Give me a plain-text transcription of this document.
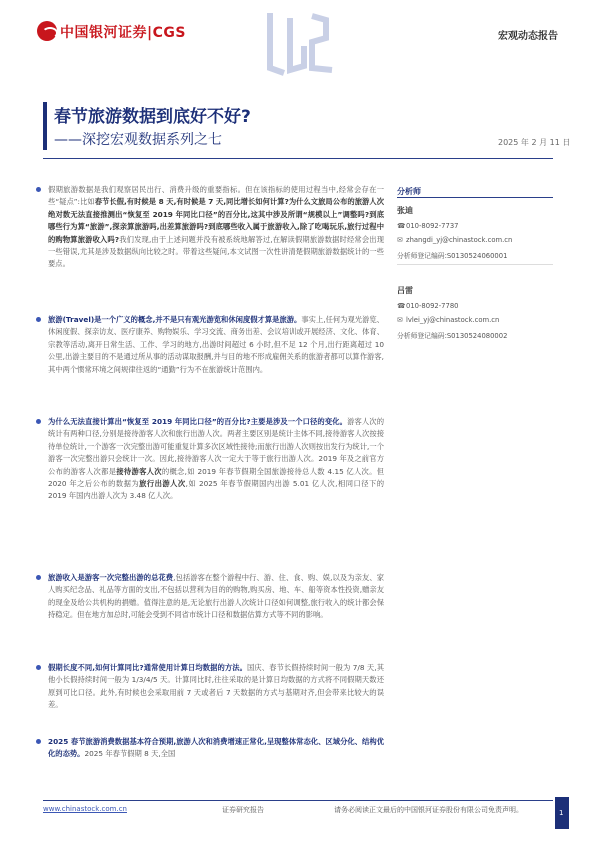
中国银河证券|CGS	宏观动态报告
春节旅游数据到底好不好?
——深挖宏观数据系列之七	2025 年 2 月 11 日
假期旅游数据是我们观察居民出行、消费升级的重要指标。但在该指标的使用过程当中,经常会存在一些“疑点”:比如春节长假,有时候是 8 天,有时候是 7 天,同比增长如何计算?为什么文旅局公布的旅游人次绝对数无法直接推测出“恢复至 2019 年同比口径”的百分比,这其中涉及所谓“规模以上”调整吗?到底哪些行为算“旅游”,探亲算旅游吗,出差算旅游吗?到底哪些收入属于旅游收入,除了吃喝玩乐,旅行过程中的购物算旅游收入吗?我们发现,由于上述问题并没有被系统地解答过,在解读假期旅游数据时经常会出现一些错误,尤其是涉及数据纵向比较之时。带着这些疑问,本文试图一次性讲清楚假期旅游数据统计的一些要点。
旅游(Travel)是一个广义的概念,并不是只有观光游览和休闲度假才算是旅游。事实上,任何为观光游览、休闲度假、探亲访友、医疗康养、购物娱乐、学习交流、商务出差、会议培训或开展经济、文化、体育、宗教等活动,离开日常生活、工作、学习的地方,出游时间超过 6 小时,但不足 12 个月,出行距离超过 10 公里,出游主要目的不是通过所从事的活动谋取报酬,并与目的地不形成雇佣关系的旅游者都可以算作游客,其中两个惯常环境之间规律往返的“通勤”行为不在旅游统计范围内。
为什么无法直接计算出“恢复至 2019 年同比口径”的百分比?主要是涉及一个口径的变化。游客人次的统计有两种口径,分别是接待游客人次和旅行出游人次。两者主要区别是统计主体不同,接待游客人次按接待单位统计,一个游客一次完整出游可能重复计算多次区域性接待;而旅行出游人次则按出发行为统计,一个游客一次完整出游只会统计一次。因此,接待游客人次一定大于等于旅行出游人次。2019 年及之前官方公布的游客人次都是接待游客人次的概念,如 2019 年春节假期全国旅游接待总人数 4.15 亿人次。但 2020 年之后公布的数据为旅行出游人次,如 2025 年春节假期国内出游 5.01 亿人次,相同口径下的 2019 年国内出游人次为 3.48 亿人次。
旅游收入是游客一次完整出游的总花费,包括游客在整个游程中行、游、住、食、购、娱,以及为亲友、家人购买纪念品、礼品等方面的支出,不包括以营利为目的的购物,购买房、地、车、船等资本性投资,赠亲友的现金及给公共机构的捐赠。值得注意的是,无论旅行出游人次统计口径如何调整,旅行收入的统计都会保持稳定。但在地方加总时,可能会受到不同省市统计口径和数据估算方式等不同的影响。
假期长度不同,如何计算同比?通常使用计算日均数据的方法。国庆、春节长假持续时间一般为 7/8 天,其他小长假持续时间一般为 1/3/4/5 天。计算同比时,往往采取的是计算日均数据的方式将不同假期天数还原到可比口径。此外,有时候也会采取用前 7 天或者后 7 天数据的方式与基期对齐,但会带来比较大的误差。
2025 春节旅游消费数据基本符合预期,旅游人次和消费增速正常化,呈现整体常态化、区域分化、结构优化的态势。2025 年春节假期 8 天,全国
分析师
张迪
☎010-8092-7737
✉ zhangdi_yj@chinastock.com.cn
分析师登记编码:S0130524060001
吕雷
☎010-8092-7780
✉ lvlei_yj@chinastock.com.cn
分析师登记编码:S0130524080002
www.chinastock.com.cn	证券研究报告	请务必阅读正文最后的中国银河证券股份有限公司免责声明。	1
